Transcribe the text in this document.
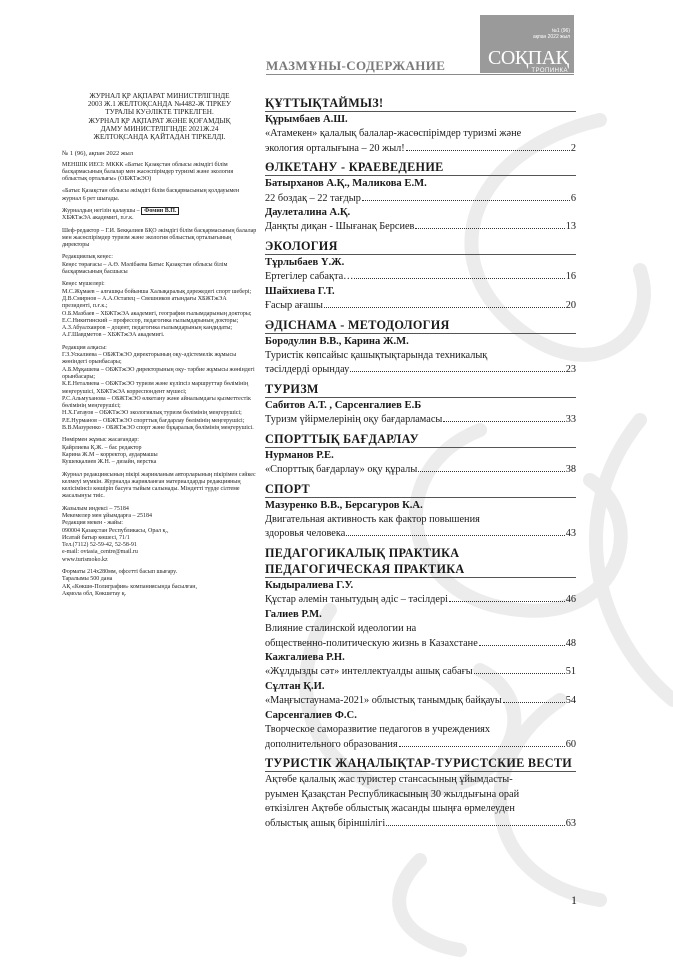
№1 (96)
ақпан 2022 жыл
СОҚПАҚ
ТРОПИНКА
МАЗМҰНЫ-СОДЕРЖАНИЕ
ЖУРНАЛ ҚР АҚПАРАТ МИНИСТРЛІГІНДЕ
2003 Ж.1 ЖЕЛТОҚСАНДА №4482-Ж ТІРКЕУ
ТУРАЛЫ КУӘЛІКТЕ ТІРКЕЛГЕН.
ЖУРНАЛ ҚР АҚПАРАТ ЖӘНЕ ҚОҒАМДЫҚ
ДАМУ МИНИСТРЛІГІНДЕ 2021Ж.24
ЖЕЛТОҚСАНДА ҚАЙТАДАН ТІРКЕЛДІ.

№ 1 (96), ақпан 2022 жыл

МЕНШІК ИЕСІ: МККК «Батыс Қазақстан облысы әкімдігі білім басқармасының балалар мен жасөспірімдер туризмі және экология облыстық орталығы» (ОБЖТжЭО)

«Батыс Қазақстан облысы әкімдігі білім басқармасының қолдауымен журнал 6 рет шығады.

Журналдың негізін қалаушы – Фомин В.П.
ХБЖТжЭА академигі, п.ғ.к.

Шеф-редактор – Г.И. Бекқалиев БҚО әкімдігі білім басқармасының балалар мен жасөспірімдер туризм және экология облыстық орталығының директоры

Редакциялық кеңес:
Кеңес төрағасы – А.Ө. Мәлібаева Батыс Қазақстан облысы білім басқармасының басшысы

Кеңес мүшелері:
М.С.Жұмаев – алғашқы бойынша Халықаралық дәрежедегі спорт шебері;
Д.В.Смирнов – А.А.Остапец – Свешников атындағы ХБЖТжЭА президенті, п.ғ.к.;
О.Б.Мазбаев – ХБЖТжЭА академигі, география ғылымдарының докторы;
Е.С.Никитинский – профессор, педагогика ғылымдарының докторы;
А.З.Абуалхаиров – доцент, педагогика ғылымдарының кандидаты;
А.Г.Шавдметов – ХБЖТжЭА академигі.

Редакция алқасы:
Г.З.Ускалиева – ОБЖТжЭО директорының оқу-әдістемелік жұмысы жөніндегі орынбасары;
А.Б.Мұқашева – ОБЖТжЭО директорының оқу- тәрбие жұмысы жөніндегі орынбасары;
К.Е.Неталиева – ОБЖТжЭО туризм және күліпсіз маршруттар бөлімінің меңгерушісі, ХБЖТжЭА корреспондент мүшесі;
Р.С.Альмуханова – ОБЖТжЭО өлкетану және айналымдағы қызметтестік бөлімінің меңгерушісі;
Н.Х.Гатауов – ОБЖТжЭО экологиялық туризм бөлімінің меңгерушісі;
Р.Е.Нурманов – ОБЖТжЭО спорттық бағдарлау бөлімінің меңгерушісі;
В.В.Мазуренко - ОБЖТжЭО спорт және бұқаралық бөлімінің меңгерушісі.

Нөмірмен жұмыс жасағандар:
Қайрлиева Қ.Ж. – бас редактор
Карина Ж.М – корректор, аудармашы
Кушекқалиев Ж.Н. – дизайн, верстка

Журнал редакциясының пікірі жарияланым авторларының пікірімен сәйкес келмеуі мүмкін. Журналда жарияланған материалдарды редакцияның келісімінсіз көшіріп басуға тыйым салынады. Міндетті түрде сілтеме жасалынуы тиіс.

Жазылым индексі – 75184
Мекемелер мен ұйымдарға – 25184
Редакция мекен - жайы:
090004 Қазақстан Республикасы, Орал қ.,
Исатай батыр көшесі, 71/1
Тел.(7112) 52-59-42, 52-58-91
e-mail: ovtasia_centre@mail.ru
www.turismoko.kz

Форматы 214х280мм, офсетті басып шығару.
Таралымы 500 дана
АҚ «Көкшө-Полиграфия» компаниясында басылған,
Ақмола обл, Көкшетау қ.

ҚҰТТЫҚТАЙМЫЗ!
Құрымбаев А.Ш.
«Атамекен» қалалық балалар-жасөспірімдер туризмі және
экология орталығына – 20 жыл!	2
ӨЛКЕТАНУ - КРАЕВЕДЕНИЕ
Батырханов А.Қ., Маликова Е.М.
22 боздақ – 22 тағдыр	6
Даулеталина А.Қ.
Данқты диқан - Шығанақ Берсиев	13
ЭКОЛОГИЯ
Тұрлыбаев Ү.Ж.
Ертегілер сабақта…	16
Шайхиева Г.Т.
Ғасыр ағашы	20
ӘДІСНАМА - МЕТОДОЛОГИЯ
Бородулин В.В., Карина Ж.М.
Туристік көпсайыс қашықтықтарында техникалық
тәсілдерді орындау	23
ТУРИЗМ
Сабитов А.Т. , Сарсенгалиев Е.Б
Туризм үйірмелерінің оқу бағдарламасы	33
СПОРТТЫҚ БАҒДАРЛАУ
Нурманов Р.Е.
«Спорттық бағдарлау» оқу құралы	38
СПОРТ
Мазуренко В.В., Берсагуров К.А.
Двигательная активность как фактор повышения
здоровья человека	43
ПЕДАГОГИКАЛЫҚ ПРАКТИКА
ПЕДАГОГИЧЕСКАЯ ПРАКТИКА
Кыдыралиева Г.У.
Құстар әлемін танытудың әдіс – тәсілдері	46
Галиев Р.М.
Влияние сталинской идеологии на
общественно-политическую жизнь в Казахстане	48
Кажгалиева Р.Н.
«Жұлдызды сәт» интеллектуалды ашық сабағы	51
Сұлтан Қ.И.
«Маңғыстаунама-2021» облыстық танымдық байқауы	54
Сарсенгалиев Ф.С.
Творческое саморазвитие педагогов в учреждениях
дополнительного образования	60
ТУРИСТІК ЖАҢАЛЫҚТАР-ТУРИСТСКИЕ ВЕСТИ
Ақтөбе қалалық жас туристер стансасының ұйымдасты-
руымен Қазақстан Республикасының 30 жылдығына орай
өткізілген Ақтөбе облыстық жасанды шыңға өрмелеуден
облыстық ашық біріншілігі	63
1
